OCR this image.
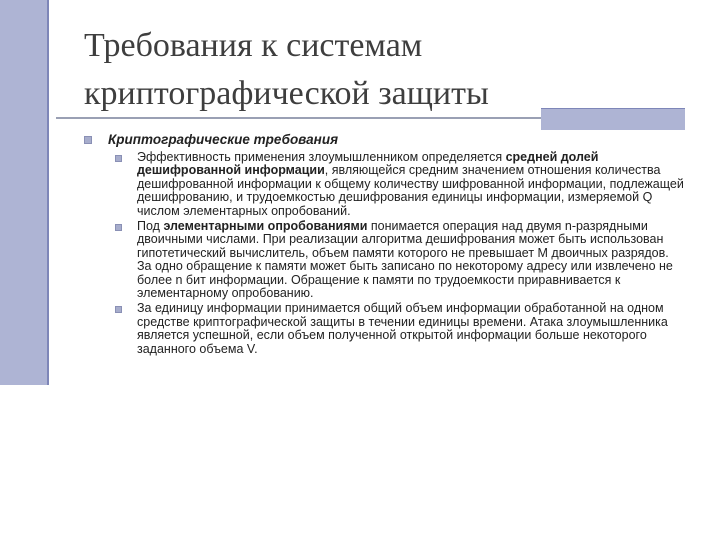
Требования к системам
криптографической защиты
Криптографические требования
Эффективность применения злоумышленником определяется средней долей дешифрованной информации, являющейся средним значением отношения количества дешифрованной информации к общему количеству шифрованной информации, подлежащей дешифрованию, и трудоемкостью дешифрования единицы информации, измеряемой Q числом элементарных опробований.
Под элементарными опробованиями понимается операция над двумя n-разрядными двоичными числами. При реализации алгоритма дешифрования может быть использован гипотетический вычислитель, объем памяти которого не превышает М двоичных разрядов. За одно обращение к памяти может быть записано по некоторому адресу или извлечено не более n бит информации. Обращение к памяти по трудоемкости приравнивается к элементарному опробованию.
За единицу информации принимается общий объем информации обработанной на одном средстве криптографической защиты в течении единицы времени. Атака злоумышленника является успешной, если объем полученной открытой информации больше некоторого заданного объема V.
